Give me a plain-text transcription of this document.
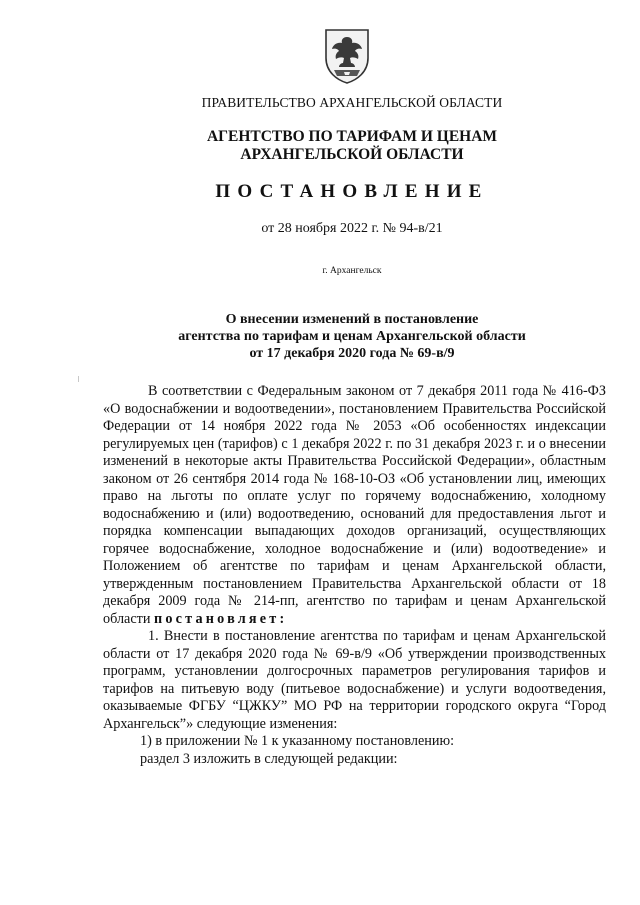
ПРАВИТЕЛЬСТВО АРХАНГЕЛЬСКОЙ ОБЛАСТИ
АГЕНТСТВО ПО ТАРИФАМ И ЦЕНАМ
АРХАНГЕЛЬСКОЙ ОБЛАСТИ
ПОСТАНОВЛЕНИЕ
от 28 ноября 2022 г. № 94-в/21
г. Архангельск
О внесении изменений в постановление
агентства по тарифам и ценам Архангельской области
от 17 декабря 2020 года № 69-в/9

В соответствии с Федеральным законом от 7 декабря 2011 года № 416-ФЗ «О водоснабжении и водоотведении», постановлением Правительства Российской Федерации от 14 ноября 2022 года № 2053 «Об особенностях индексации регулируемых цен (тарифов) с 1 декабря 2022 г. по 31 декабря 2023 г. и о внесении изменений в некоторые акты Правительства Российской Федерации», областным законом от 26 сентября 2014 года № 168-10-ОЗ «Об установлении лиц, имеющих право на льготы по оплате услуг по горячему водоснабжению, холодному водоснабжению и (или) водоотведению, оснований для предоставления льгот и порядка компенсации выпадающих доходов организаций, осуществляющих горячее водоснабжение, холодное водоснабжение и (или) водоотведение» и Положением об агентстве по тарифам и ценам Архангельской области, утвержденным постановлением Правительства Архангельской области от 18 декабря 2009 года № 214-пп, агентство по тарифам и ценам Архангельской области постановляет:

1. Внести в постановление агентства по тарифам и ценам Архангельской области от 17 декабря 2020 года № 69-в/9 «Об утверждении производственных программ, установлении долгосрочных параметров регулирования тарифов и тарифов на питьевую воду (питьевое водоснабжение) и услуги водоотведения, оказываемые ФГБУ “ЦЖКУ” МО РФ на территории городского округа “Город Архангельск”» следующие изменения:

1) в приложении № 1 к указанному постановлению:

раздел 3 изложить в следующей редакции:
